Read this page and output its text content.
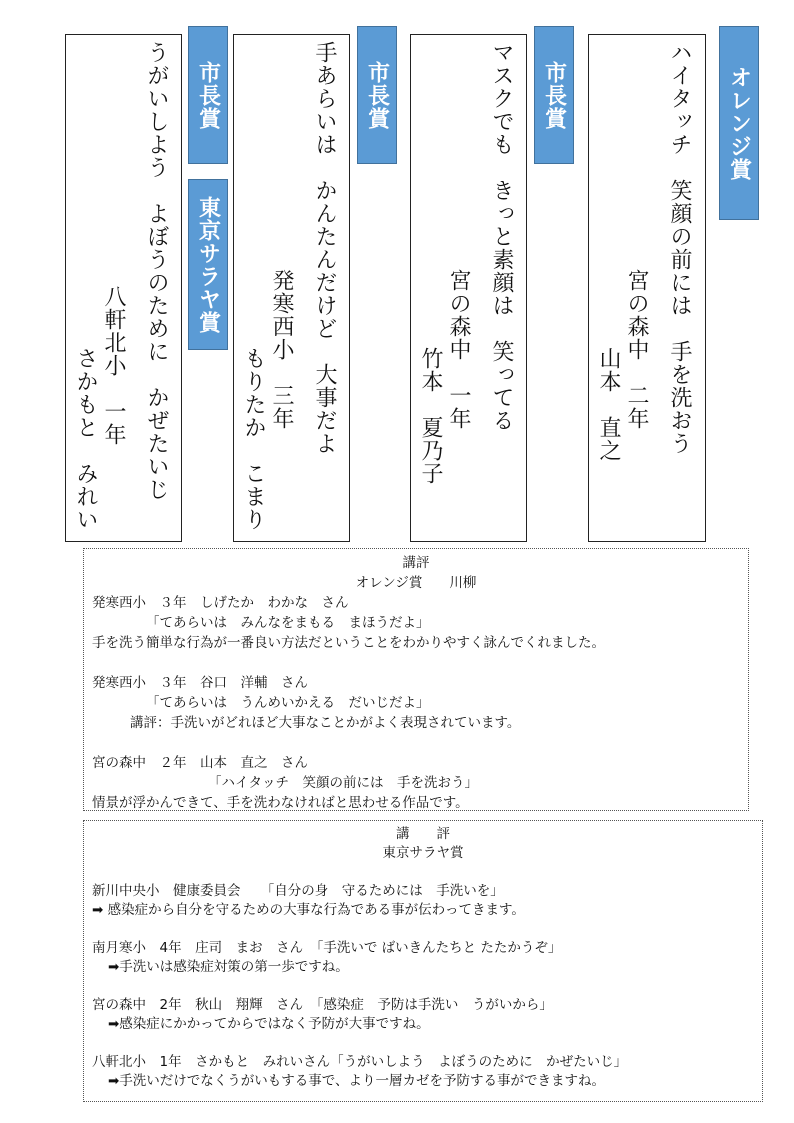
オレンジ賞
ハイタッチ　笑顔の前には　手を洗おう
宮の森中　二年
山本　直之
市長賞
マスクでも　きっと素顔は　笑ってる
宮の森中　一年
竹本　夏乃子
市長賞
手あらいは　かんたんだけど　大事だよ
発寒西小　三年
もりたか　こまり
市長賞
東京サラヤ賞
うがいしよう　よぼうのために　かぜたいじ
八軒北小　一年
さかもと　みれい
講評
オレンジ賞　　川柳
発寒西小　３年　しげたか　わかな　さん
「てあらいは　みんなをまもる　まほうだよ」
手を洗う簡単な行為が一番良い方法だということをわかりやすく詠んでくれました。
発寒西小　３年　谷口　洋輔　さん
「てあらいは　うんめいかえる　だいじだよ」
講評：手洗いがどれほど大事なことかがよく表現されています。
宮の森中　２年　山本　直之　さん
「ハイタッチ　笑顔の前には　手を洗おう」
情景が浮かんできて、手を洗わなければと思わせる作品です。
講　　評
東京サラヤ賞
新川中央小　健康委員会　　「自分の身　守るためには　手洗いを」
➡ 感染症から自分を守るための大事な行為である事が伝わってきます。
南月寒小　4年　庄司　まお　さん　「手洗いで ばいきんたちと たたかうぞ」
➡手洗いは感染症対策の第一歩ですね。
宮の森中　2年　秋山　翔輝　さん　「感染症　予防は手洗い　うがいから」
➡感染症にかかってからではなく予防が大事ですね。
八軒北小　1年　さかもと　みれいさん「うがいしよう　よぼうのために　かぜたいじ」
➡手洗いだけでなくうがいもする事で、より一層カゼを予防する事ができますね。
